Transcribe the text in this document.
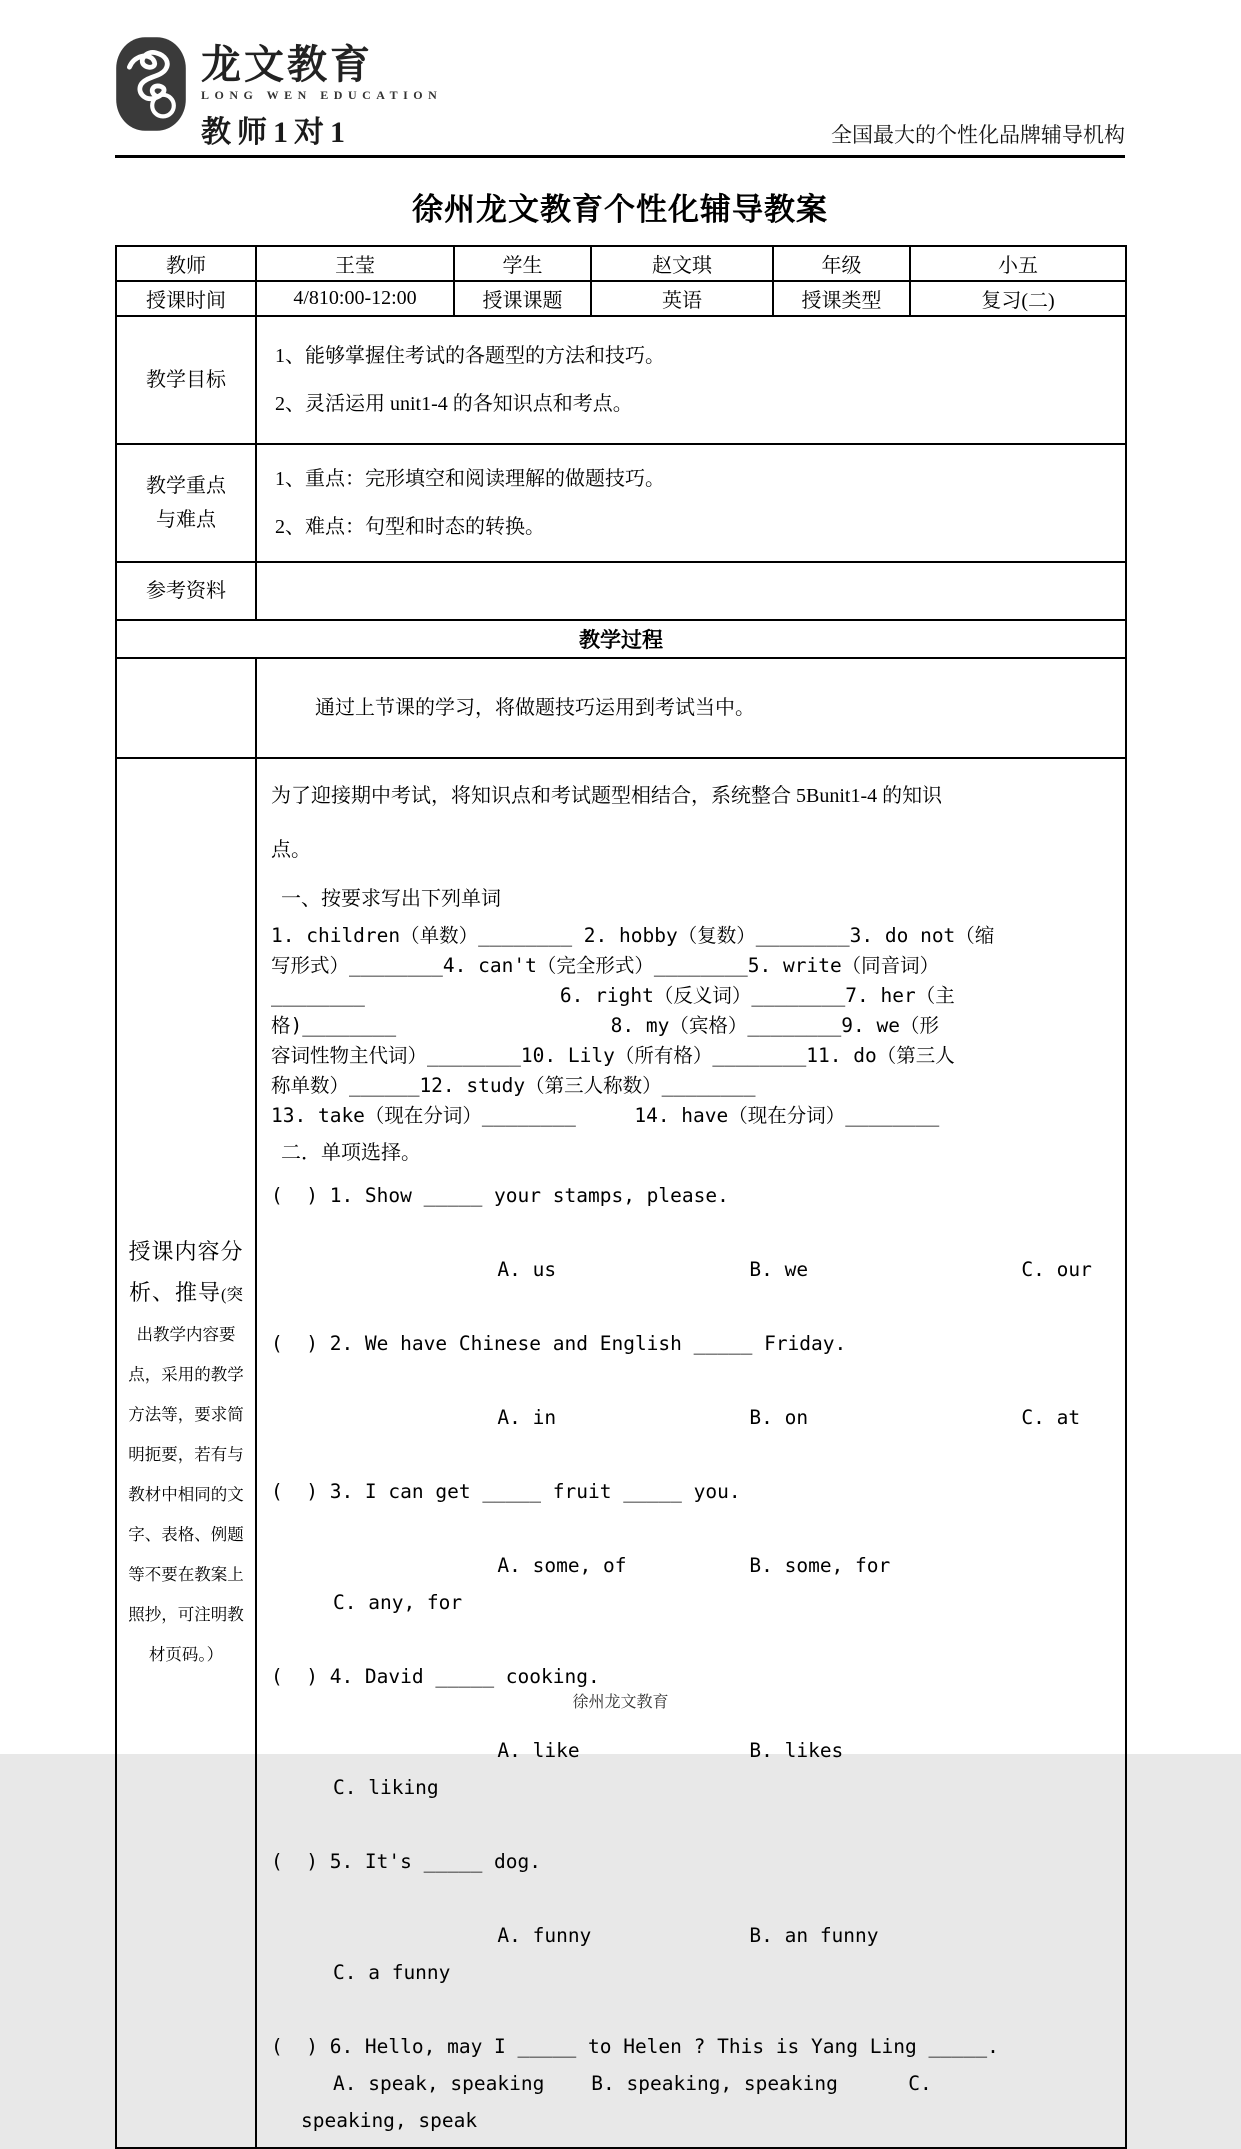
龙文教育
LONG WEN EDUCATION
教师1对1	全国最大的个性化品牌辅导机构
徐州龙文教育个性化辅导教案
教师	王莹	学生	赵文琪	年级	小五
授课时间	4/810:00-12:00	授课课题	英语	授课类型	复习(二)
教学目标	1、能够掌握住考试的各题型的方法和技巧。
2、灵活运用 unit1-4 的各知识点和考点。				

教学重点
与难点

1、重点：完形填空和阅读理解的做题技巧。
2、难点：句型和时态的转换。

参考资料					
教学过程					

	通过上节课的学习，将做题技巧运用到考试当中。				

授课内容分析、推导(突出教学内容要点，采用的教学方法等，要求简明扼要，若有与教材中相同的文字、表格、例题等不要在教案上照抄，可注明教材页码。）	

为了迎接期中考试，将知识点和考试题型相结合，系统整合 5Bunit1-4 的知识

点。

一、按要求写出下列单词
1. children（单数）________ 2. hobby（复数）________3. do not（缩
写形式）________4. can't（完全形式）________5. write（同音词）
________　　　　　　　　　　6. right（反义词）________7. her（主
格)________　　　　　　　　　　　8. my（宾格）________9. we（形
容词性物主代词）________10. Lily（所有格）________11. do（第三人
称单数）______12. study（第三人称数）________
13. take（现在分词）________　　　14. have（现在分词）________
二．单项选择。
(  ) 1. Show _____ your stamps, please.

A. us	B. we	C. our

(  ) 2. We have Chinese and English _____ Friday.

A. in	B. on	C. at

(  ) 3. I can get _____ fruit _____ you.

A. some, of	B. some, forC. any, for

(  ) 4. David _____ cooking.

A. like	B. likesC. liking

(  ) 5. It's _____ dog.

A. funny	B. an funnyC. a funny

(  ) 6. Hello, may I _____ to Helen ? This is Yang Ling _____.
A. speak, speaking    B. speaking, speaking      C.
speaking, speak
徐州龙文教育
